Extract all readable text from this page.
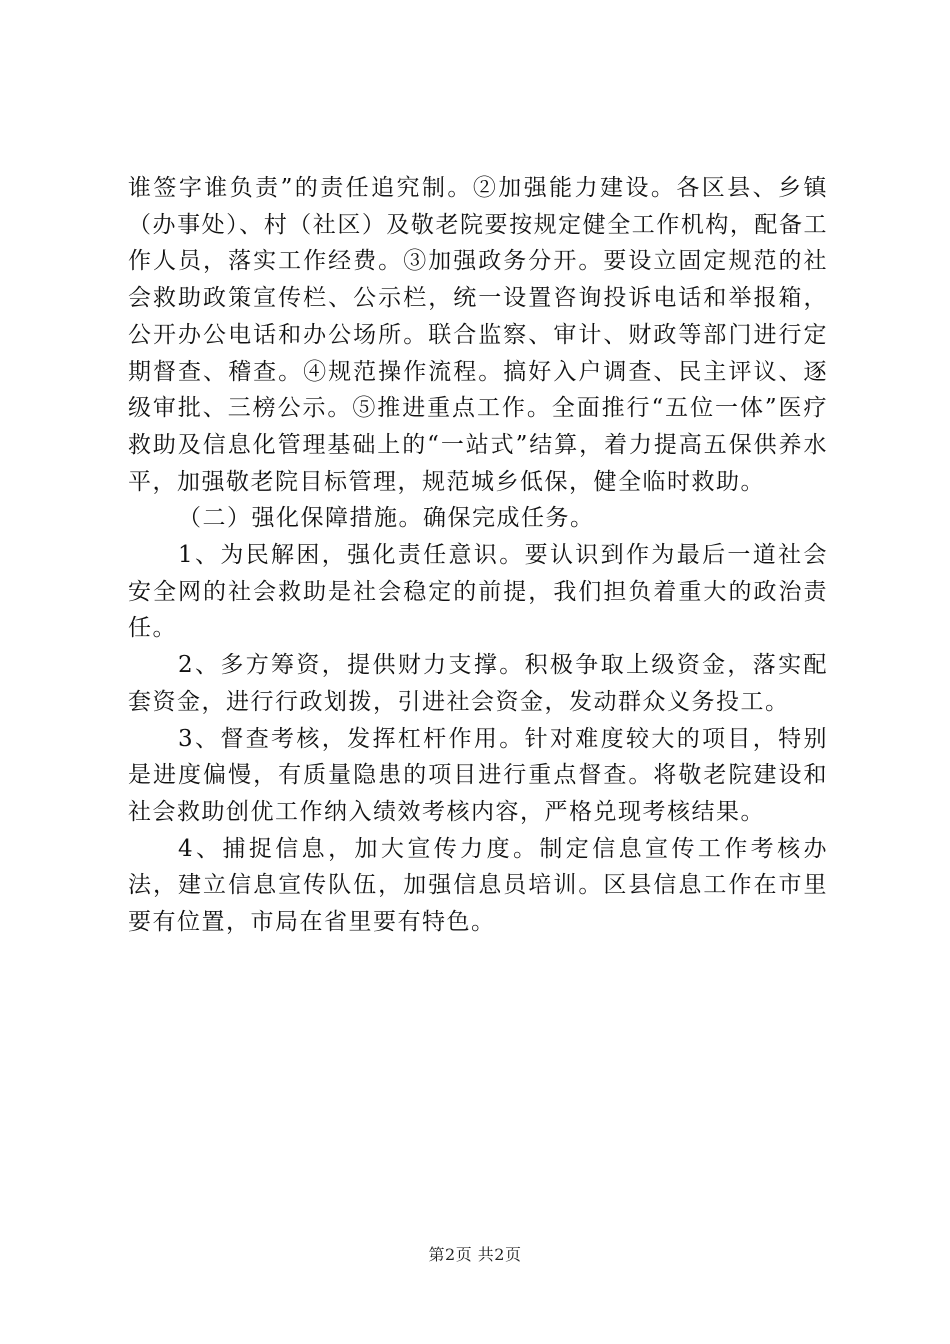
谁签字谁负责”的责任追究制。②加强能力建设。各区县、乡镇（办事处）、村（社区）及敬老院要按规定健全工作机构，配备工作人员，落实工作经费。③加强政务分开。要设立固定规范的社会救助政策宣传栏、公示栏，统一设置咨询投诉电话和举报箱，公开办公电话和办公场所。联合监察、审计、财政等部门进行定期督查、稽查。④规范操作流程。搞好入户调查、民主评议、逐级审批、三榜公示。⑤推进重点工作。全面推行“五位一体”医疗救助及信息化管理基础上的“一站式”结算，着力提高五保供养水平，加强敬老院目标管理，规范城乡低保，健全临时救助。

（二）强化保障措施。确保完成任务。

1、为民解困，强化责任意识。要认识到作为最后一道社会安全网的社会救助是社会稳定的前提，我们担负着重大的政治责任。

2、多方筹资，提供财力支撑。积极争取上级资金，落实配套资金，进行行政划拨，引进社会资金，发动群众义务投工。

3、督查考核，发挥杠杆作用。针对难度较大的项目，特别是进度偏慢，有质量隐患的项目进行重点督查。将敬老院建设和社会救助创优工作纳入绩效考核内容，严格兑现考核结果。

4、捕捉信息，加大宣传力度。制定信息宣传工作考核办法，建立信息宣传队伍，加强信息员培训。区县信息工作在市里要有位置，市局在省里要有特色。

第2页 共2页
